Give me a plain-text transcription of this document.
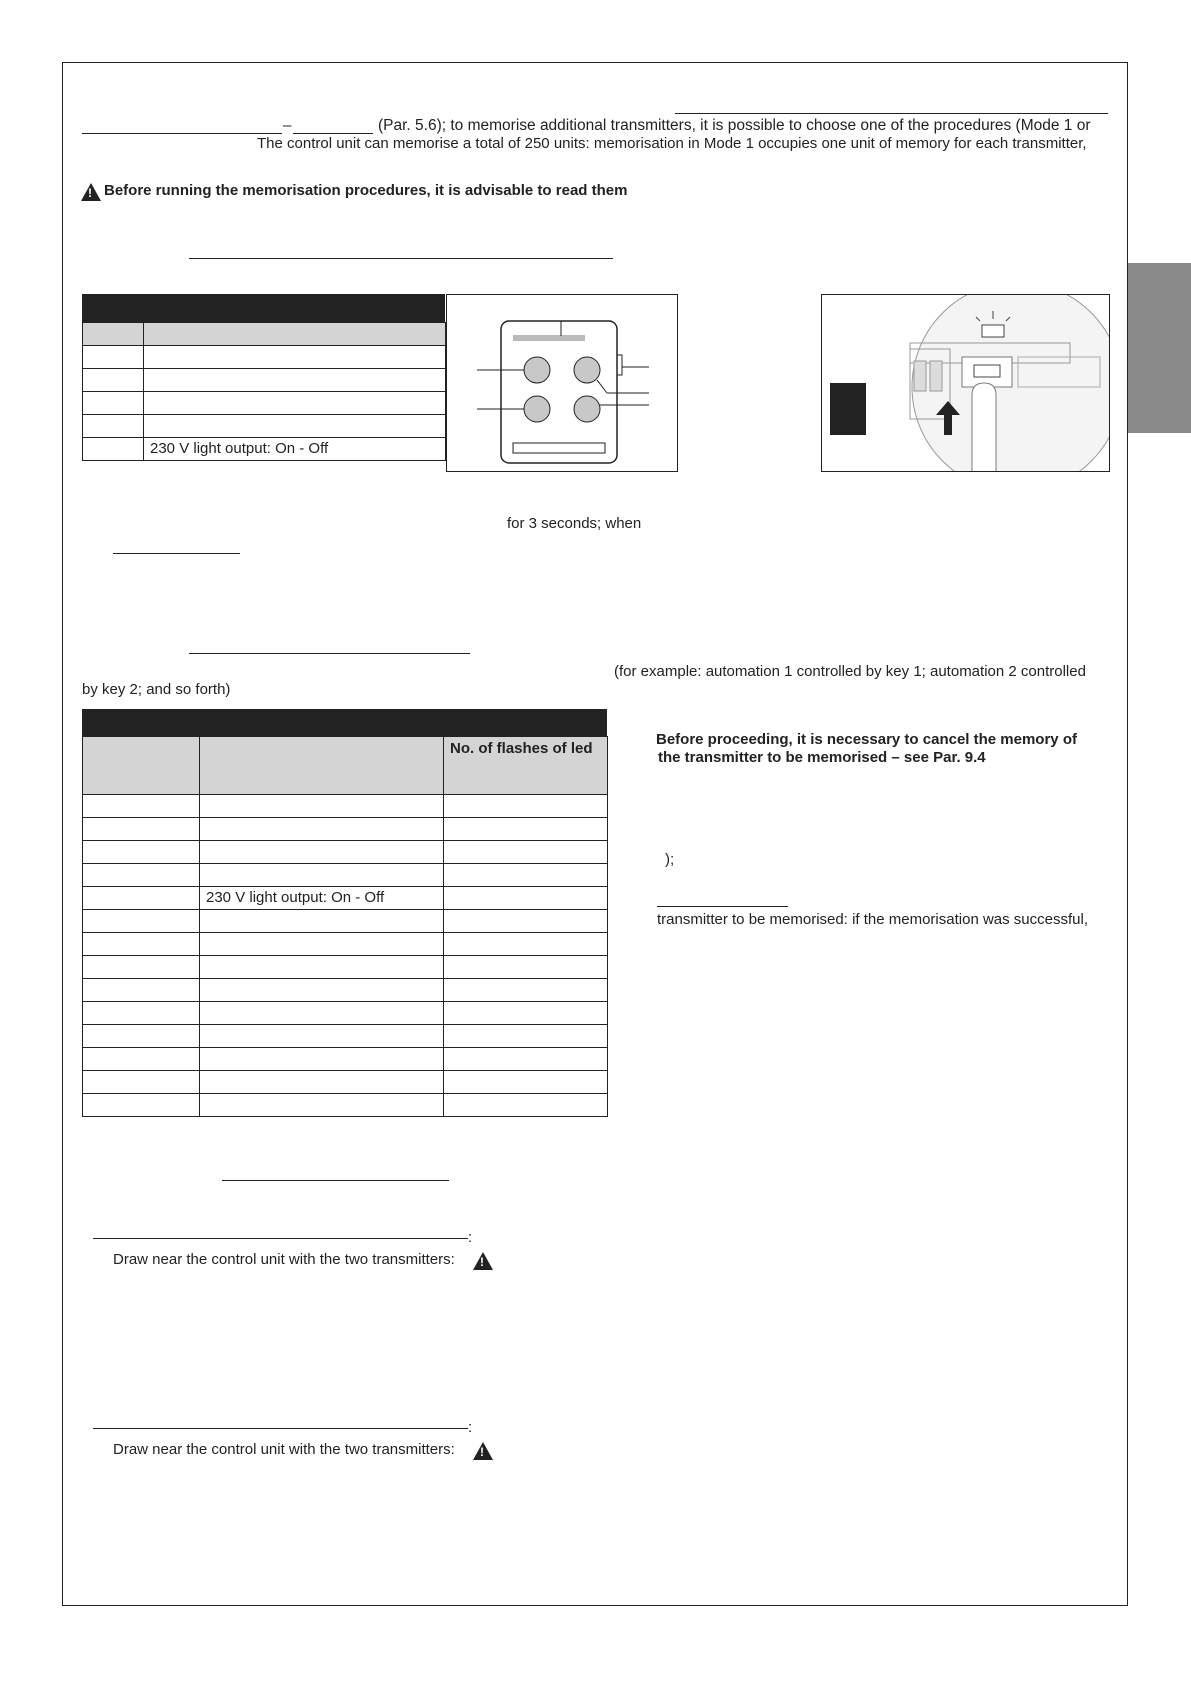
–	(Par. 5.6); to memorise additional transmitters, it is possible to choose one of the procedures (Mode 1 or
The control unit can memorise a total of 250 units: memorisation in Mode 1 occupies one unit of memory for each transmitter,
!
Before running the memorisation procedures, it is advisable to read them

	230 V light output: On - Off
for 3 seconds; when
(for example: automation 1 controlled by key 1; automation 2 controlled
by key 2; and so forth)
		No. of flashes of led

	230 V light output: On - Off	

Before proceeding, it is necessary to cancel the memory of
the transmitter to be memorised – see Par. 9.4
);
transmitter to be memorised: if the memorisation was successful,
:
Draw near the control unit with the two transmitters:
!
:
Draw near the control unit with the two transmitters:
!
